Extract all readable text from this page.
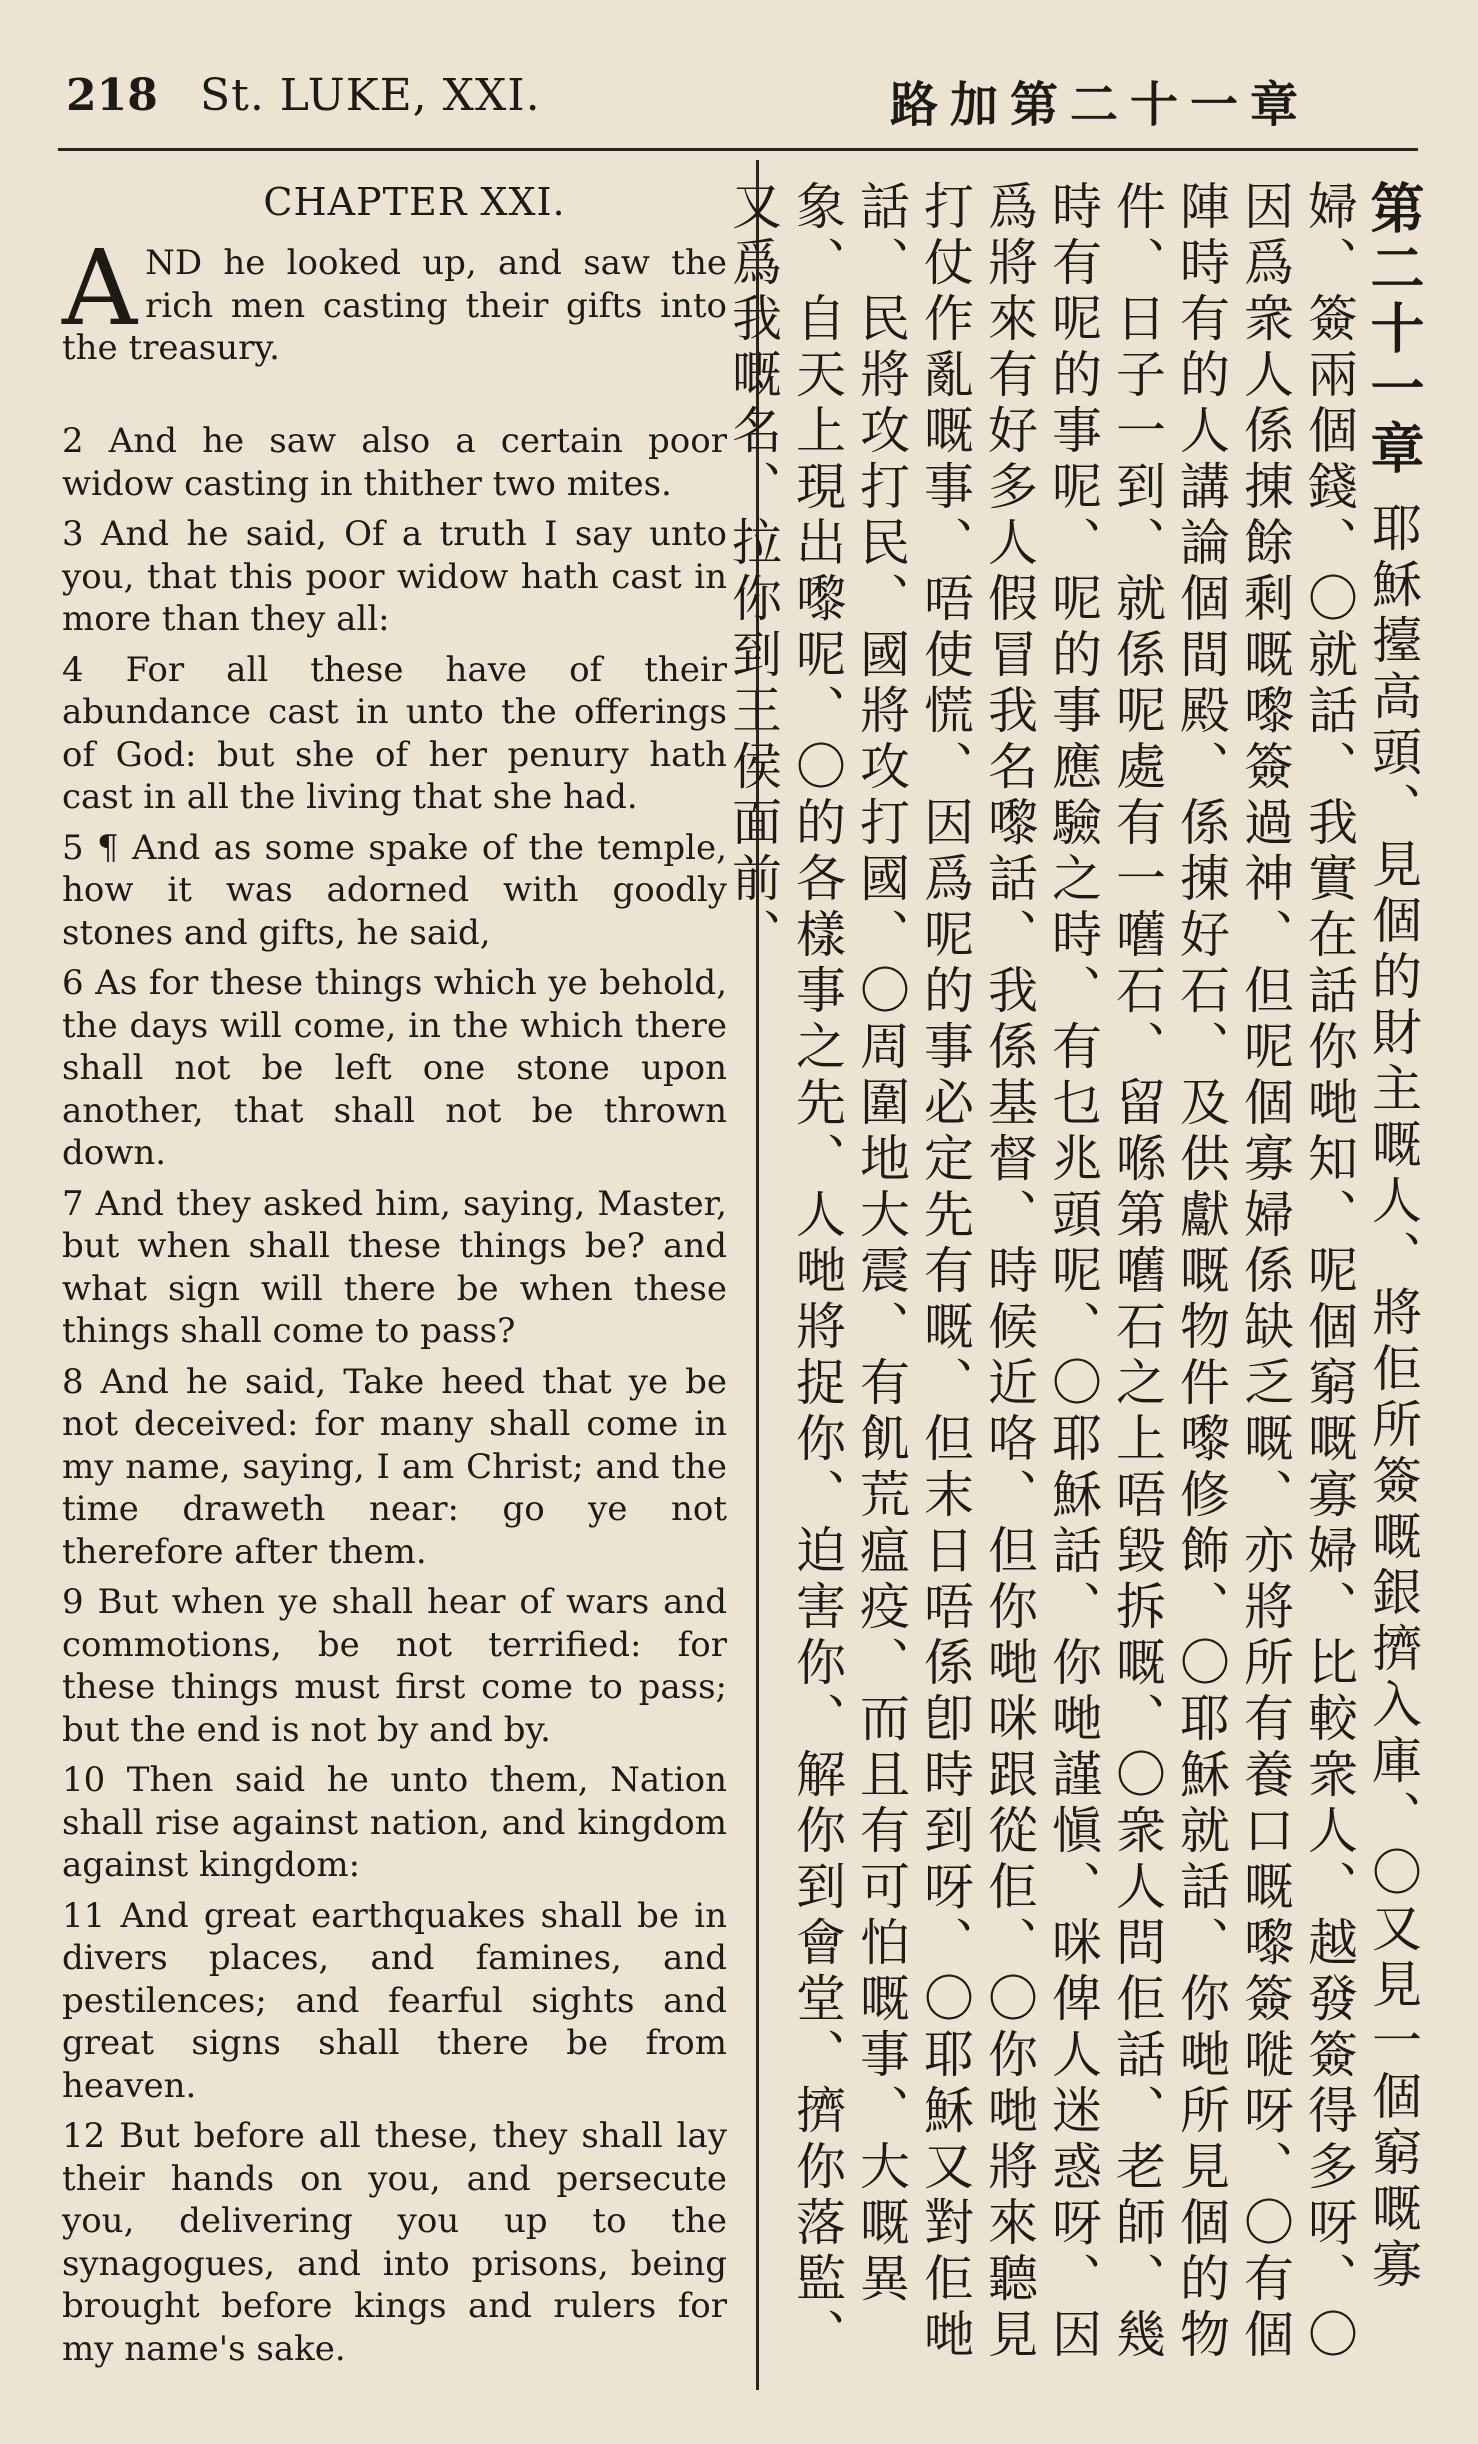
218 St. LUKE, XXI.	路加第二十一章
CHAPTER XXI.

AND he looked up, and saw the rich men casting their gifts into the treasury.

2 And he saw also a certain poor widow casting in thither two mites.

3 And he said, Of a truth I say unto you, that this poor widow hath cast in more than they all:

4 For all these have of their abundance cast in unto the offerings of God: but she of her penury hath cast in all the living that she had.

5 ¶ And as some spake of the temple, how it was adorned with goodly stones and gifts, he said,

6 As for these things which ye behold, the days will come, in the which there shall not be left one stone upon another, that shall not be thrown down.

7 And they asked him, saying, Master, but when shall these things be? and what sign will there be when these things shall come to pass?

8 And he said, Take heed that ye be not deceived: for many shall come in my name, saying, I am Christ; and the time draweth near: go ye not therefore after them.

9 But when ye shall hear of wars and commotions, be not terrified: for these things must first come to pass; but the end is not by and by.

10 Then said he unto them, Nation shall rise against nation, and kingdom against kingdom:

11 And great earthquakes shall be in divers places, and famines, and pestilences; and fearful sights and great signs shall there be from heaven.

12 But before all these, they shall lay their hands on you, and persecute you, delivering you up to the synagogues, and into prisons, being brought before kings and rulers for my name's sake.

第二十一章 耶穌擡高頭、見個的財主嘅人、將佢所簽嘅銀擠入庫、〇又見一個窮嘅寡婦、簽兩個錢、〇就話、我實在話你哋知、呢個窮嘅寡婦、比較衆人、越發簽得多呀、〇因爲衆人係㨂餘剩嘅嚟簽過神、但呢個寡婦係缺乏嘅、亦將所有養口嘅嚟簽嘥呀、〇有個陣時有的人講論個間殿、係㨂好石、及供獻嘅物件嚟修飾、〇耶穌就話、你哋所見個的物件、日子一到、就係呢處有一嚿石、留喺第嚿石之上唔毀拆嘅、〇衆人問佢話、老師、幾時有呢的事呢、呢的事應驗之時、有乜兆頭呢、〇耶穌話、你哋謹愼、咪俾人迷惑呀、因爲將來有好多人假冒我名嚟話、我係基督、時候近咯、但你哋咪跟從佢、〇你哋將來聽見打仗作亂嘅事、唔使慌、因爲呢的事必定先有嘅、但末日唔係卽時到呀、〇耶穌又對佢哋話、民將攻打民、國將攻打國、〇周圍地大震、有飢荒瘟疫、而且有可怕嘅事、大嘅異象、自天上現出嚟呢、〇的各樣事之先、人哋將捉你、迫害你、解你到會堂、擠你落監、又爲我嘅名、拉你到王侯面前、
